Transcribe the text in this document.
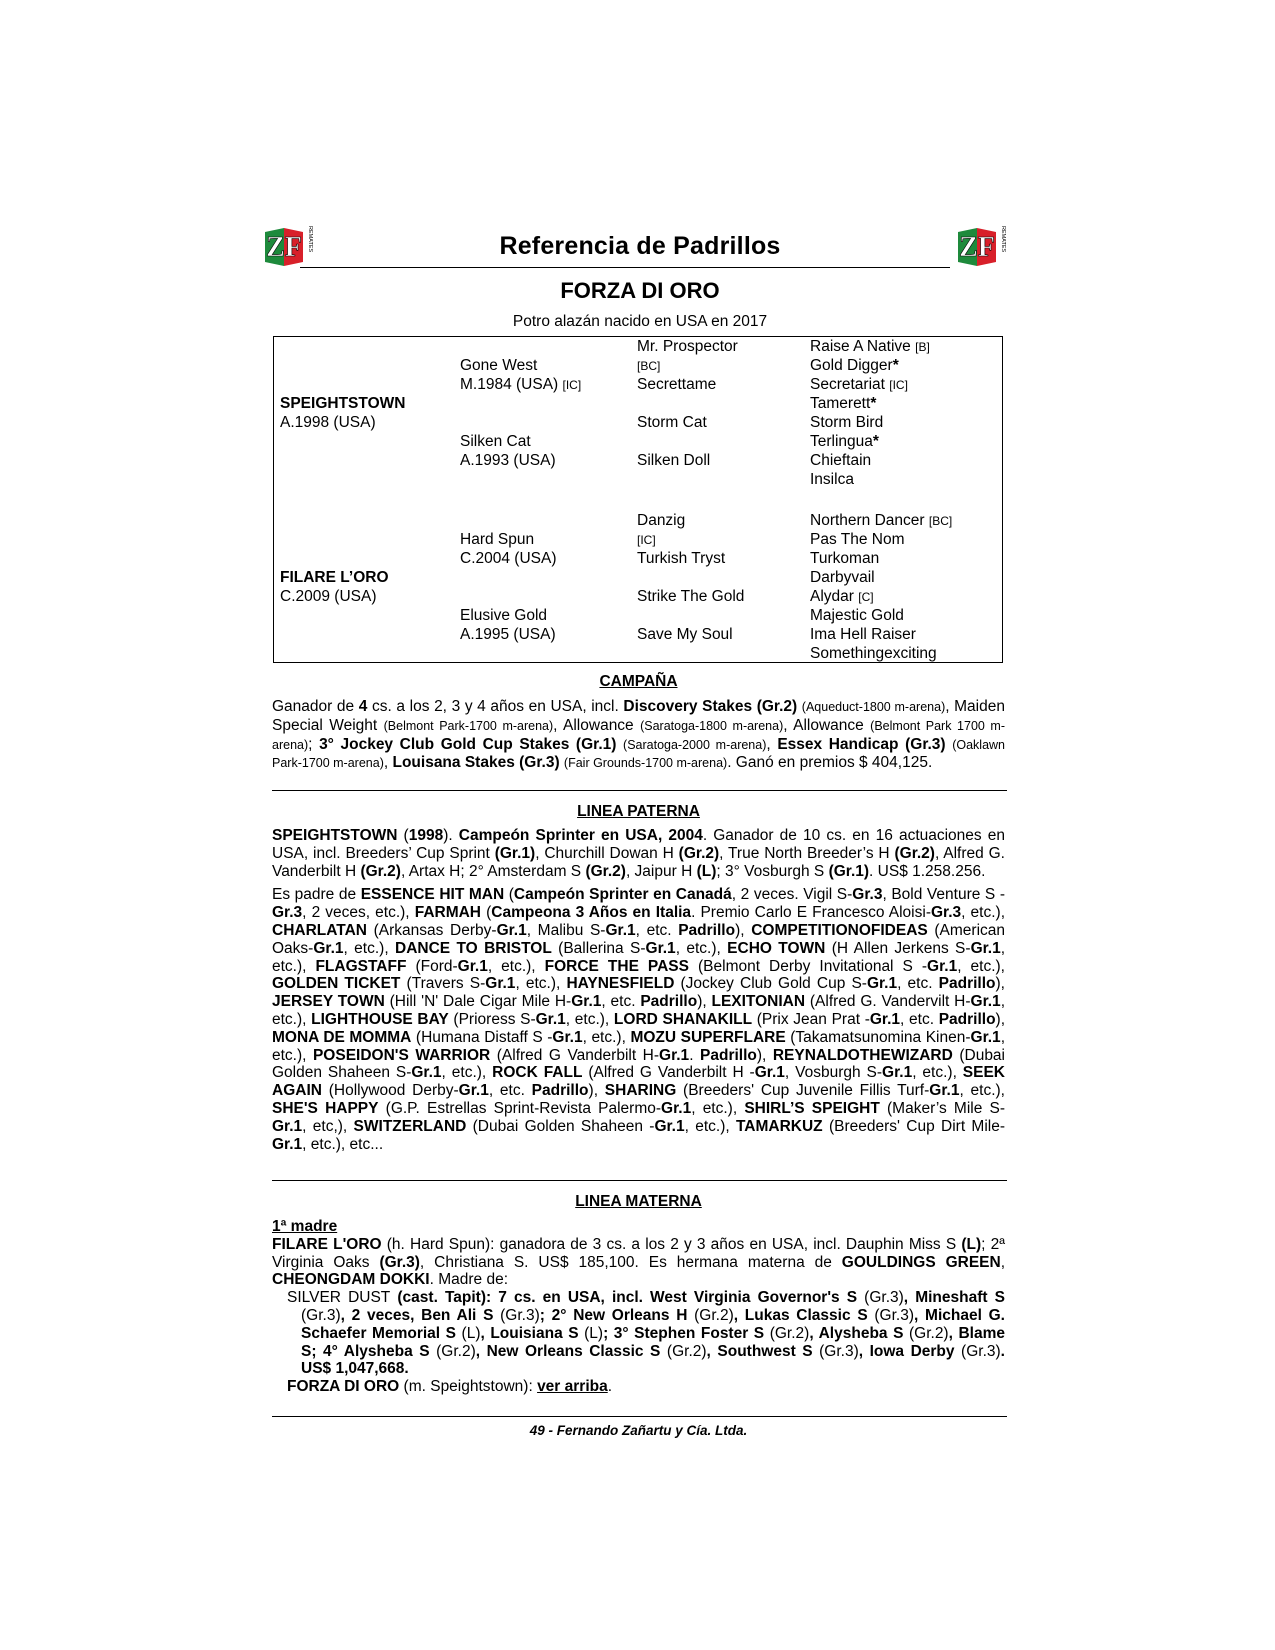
ZF REMATES	ZF REMATES
Referencia de Padrillos
FORZA DI ORO
Potro alazán nacido en USA en 2017
SPEIGHTSTOWN
A.1998 (USA)
FILARE L’ORO
C.2009 (USA)
Gone West
M.1984 (USA) [IC]
Silken Cat
A.1993 (USA)
Hard Spun
C.2004 (USA)
Elusive Gold
A.1995 (USA)
Mr. Prospector
[BC]
Secrettame
Storm Cat
Silken Doll
Danzig
[IC]
Turkish Tryst
Strike The Gold
Save My Soul
Raise A Native [B]
Gold Digger*
Secretariat [IC]
Tamerett*
Storm Bird
Terlingua*
Chieftain
Insilca
Northern Dancer [BC]
Pas The Nom
Turkoman
Darbyvail
Alydar [C]
Majestic Gold
Ima Hell Raiser
Somethingexciting
CAMPAÑA

Ganador de 4 cs. a los 2, 3 y 4 años en USA, incl. Discovery Stakes (Gr.2) (Aqueduct-1800 m-arena), Maiden Special Weight (Belmont Park-1700 m-arena), Allowance (Saratoga-1800 m-arena), Allowance (Belmont Park 1700 m-arena); 3° Jockey Club Gold Cup Stakes (Gr.1) (Saratoga-2000 m-arena), Essex Handicap (Gr.3) (Oaklawn Park-1700 m-arena), Louisana Stakes (Gr.3) (Fair Grounds-1700 m-arena). Ganó en premios $ 404,125.

LINEA PATERNA

SPEIGHTSTOWN (1998). Campeón Sprinter en USA, 2004. Ganador de 10 cs. en 16 actuaciones en USA, incl. Breeders’ Cup Sprint (Gr.1), Churchill Dowan H (Gr.2), True North Breeder’s H (Gr.2), Alfred G. Vanderbilt H (Gr.2), Artax H; 2° Amsterdam S (Gr.2), Jaipur H (L); 3° Vosburgh S (Gr.1). US$ 1.258.256.

Es padre de ESSENCE HIT MAN (Campeón Sprinter en Canadá, 2 veces. Vigil S-Gr.3, Bold Venture S -Gr.3, 2 veces, etc.), FARMAH (Campeona 3 Años en Italia. Premio Carlo E Francesco Aloisi-Gr.3, etc.), CHARLATAN (Arkansas Derby-Gr.1, Malibu S-Gr.1, etc. Padrillo), COMPETITIONOFIDEAS (American Oaks-Gr.1, etc.), DANCE TO BRISTOL (Ballerina S-Gr.1, etc.), ECHO TOWN (H Allen Jerkens S-Gr.1, etc.), FLAGSTAFF (Ford-Gr.1, etc.), FORCE THE PASS (Belmont Derby Invitational S -Gr.1, etc.), GOLDEN TICKET (Travers S-Gr.1, etc.), HAYNESFIELD (Jockey Club Gold Cup S-Gr.1, etc. Padrillo), JERSEY TOWN (Hill 'N' Dale Cigar Mile H-Gr.1, etc. Padrillo), LEXITONIAN (Alfred G. Vandervilt H-Gr.1, etc.), LIGHTHOUSE BAY (Prioress S-Gr.1, etc.), LORD SHANAKILL (Prix Jean Prat -Gr.1, etc. Padrillo), MONA DE MOMMA (Humana Distaff S -Gr.1, etc.), MOZU SUPERFLARE (Takamatsunomina Kinen-Gr.1, etc.), POSEIDON'S WARRIOR (Alfred G Vanderbilt H-Gr.1. Padrillo), REYNALDOTHEWIZARD (Dubai Golden Shaheen S-Gr.1, etc.), ROCK FALL (Alfred G Vanderbilt H -Gr.1, Vosburgh S-Gr.1, etc.), SEEK AGAIN (Hollywood Derby-Gr.1, etc. Padrillo), SHARING (Breeders' Cup Juvenile Fillis Turf-Gr.1, etc.), SHE'S HAPPY (G.P. Estrellas Sprint-Revista Palermo-Gr.1, etc.), SHIRL’S SPEIGHT (Maker’s Mile S-Gr.1, etc,), SWITZERLAND (Dubai Golden Shaheen -Gr.1, etc.), TAMARKUZ (Breeders' Cup Dirt Mile-Gr.1, etc.), etc...

LINEA MATERNA

1ª madre

FILARE L'ORO (h. Hard Spun): ganadora de 3 cs. a los 2 y 3 años en USA, incl. Dauphin Miss S (L); 2ª Virginia Oaks (Gr.3), Christiana S. US$ 185,100. Es hermana materna de GOULDINGS GREEN, CHEONGDAM DOKKI. Madre de:

SILVER DUST (cast. Tapit): 7 cs. en USA, incl. West Virginia Governor's S (Gr.3), Mineshaft S (Gr.3), 2 veces, Ben Ali S (Gr.3); 2° New Orleans H (Gr.2), Lukas Classic S (Gr.3), Michael G. Schaefer Memorial S (L), Louisiana S (L); 3° Stephen Foster S (Gr.2), Alysheba S (Gr.2), Blame S; 4° Alysheba S (Gr.2), New Orleans Classic S (Gr.2), Southwest S (Gr.3), Iowa Derby (Gr.3). US$ 1,047,668.

FORZA DI ORO (m. Speightstown): ver arriba.

49 - Fernando Zañartu y Cía. Ltda.
